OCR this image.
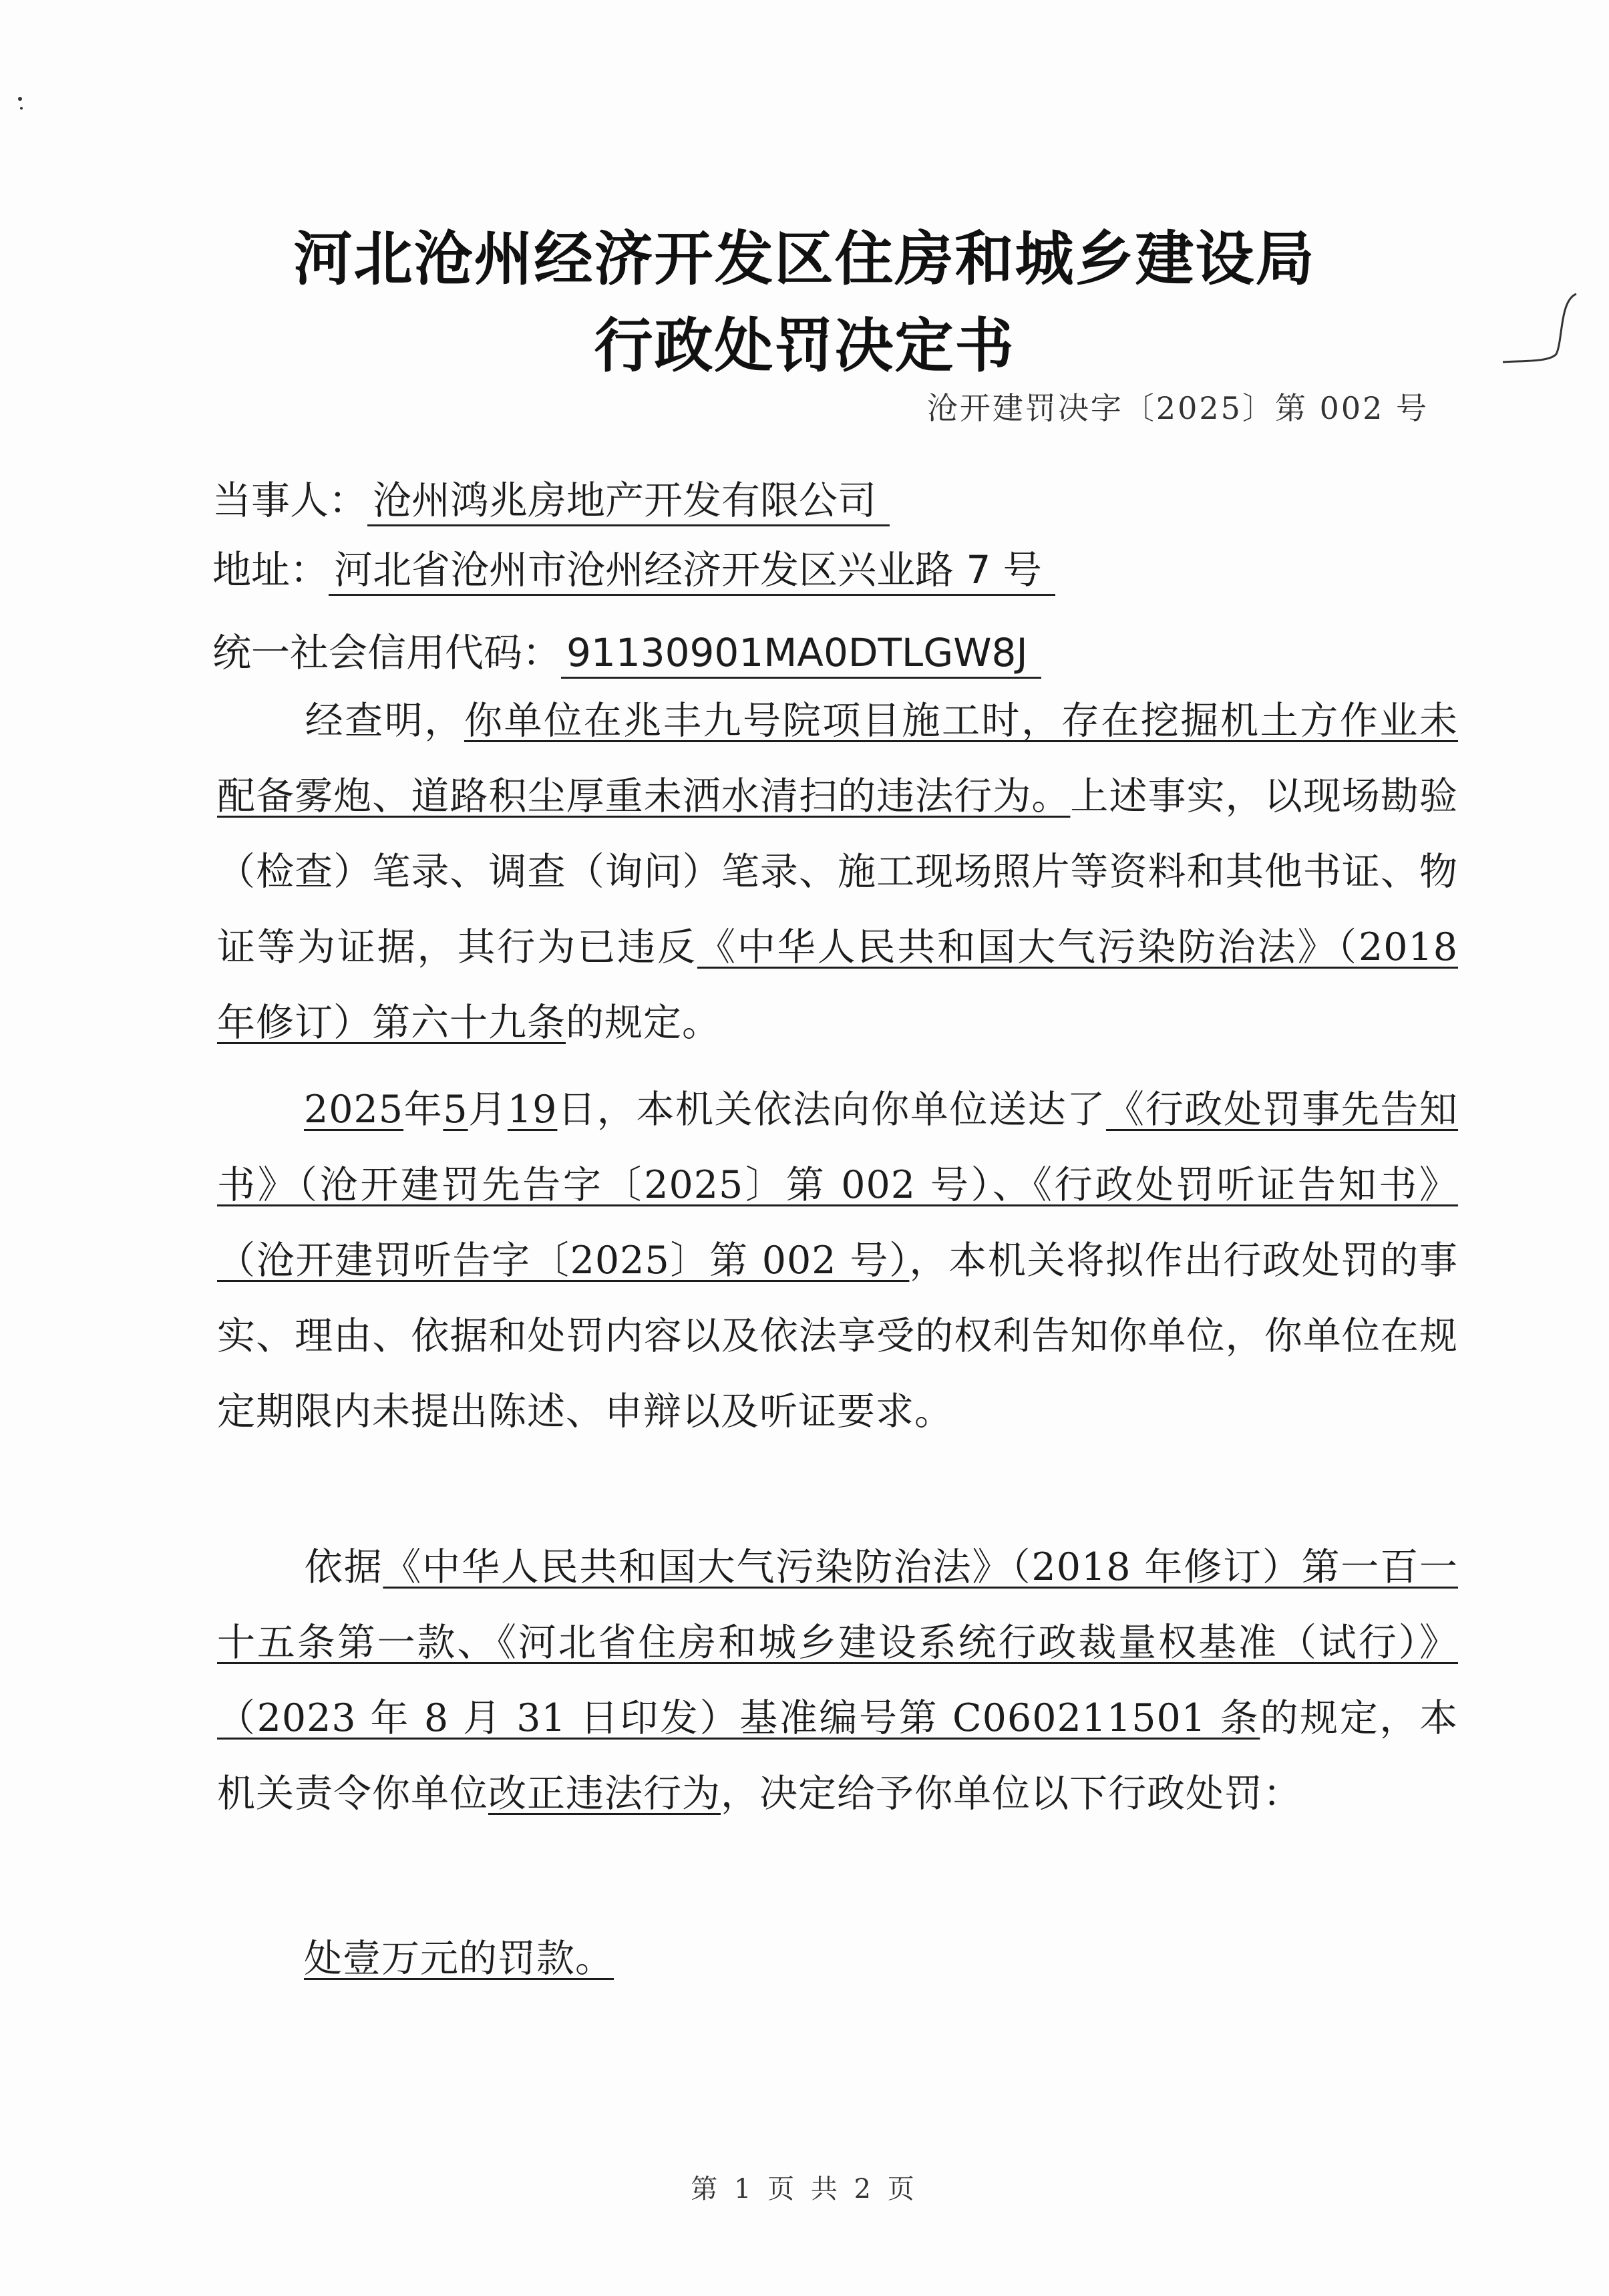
河北沧州经济开发区住房和城乡建设局
行政处罚决定书
沧开建罚决字〔2025〕第 002 号
当事人： 沧州鸿兆房地产开发有限公司
地址： 河北省沧州市沧州经济开发区兴业路 7 号
统一社会信用代码： 91130901MA0DTLGW8J
经查明，你单位在兆丰九号院项目施工时，存在挖掘机土方作业未配备雾炮、道路积尘厚重未洒水清扫的违法行为。上述事实，以现场勘验（检查）笔录、调查（询问）笔录、施工现场照片等资料和其他书证、物证等为证据，其行为已违反《中华人民共和国大气污染防治法》（2018 年修订）第六十九条的规定。
2025年5月19日，本机关依法向你单位送达了《行政处罚事先告知书》（沧开建罚先告字〔2025〕第 002 号）、《行政处罚听证告知书》（沧开建罚听告字〔2025〕第 002 号），本机关将拟作出行政处罚的事实、理由、依据和处罚内容以及依法享受的权利告知你单位，你单位在规定期限内未提出陈述、申辩以及听证要求。
依据《中华人民共和国大气污染防治法》（2018 年修订）第一百一十五条第一款、《河北省住房和城乡建设系统行政裁量权基准（试行）》（2023 年 8 月 31 日印发）基准编号第 C060211501 条的规定，本机关责令你单位改正违法行为，决定给予你单位以下行政处罚：
处壹万元的罚款。
第 1 页 共 2 页
